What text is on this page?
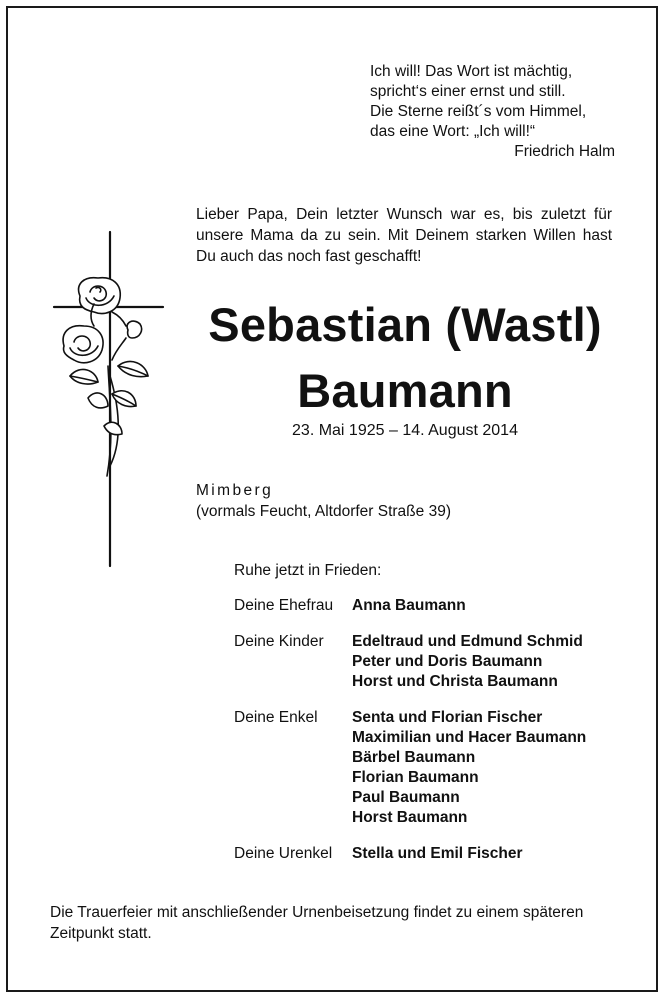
Ich will! Das Wort ist mächtig,
spricht‘s einer ernst und still.
Die Sterne reißt´s vom Himmel,
das eine Wort: „Ich will!“
Friedrich Halm
Lieber Papa, Dein letzter Wunsch war es, bis zuletzt für unsere Mama da zu sein. Mit Deinem starken Willen hast Du auch das noch fast geschafft!
Sebastian (Wastl)
Baumann
23. Mai 1925 – 14. August 2014
Mimberg
(vormals Feucht, Altdorfer Straße 39)
Ruhe jetzt in Frieden:
Deine Ehefrau	Anna Baumann
Deine Kinder	Edeltraud und Edmund Schmid
Peter und Doris Baumann
Horst und Christa Baumann
Deine Enkel	Senta und Florian Fischer
Maximilian und Hacer Baumann
Bärbel Baumann
Florian Baumann
Paul Baumann
Horst Baumann
Deine Urenkel	Stella und Emil Fischer
Die Trauerfeier mit anschließender Urnenbeisetzung findet zu einem späteren Zeitpunkt statt.
